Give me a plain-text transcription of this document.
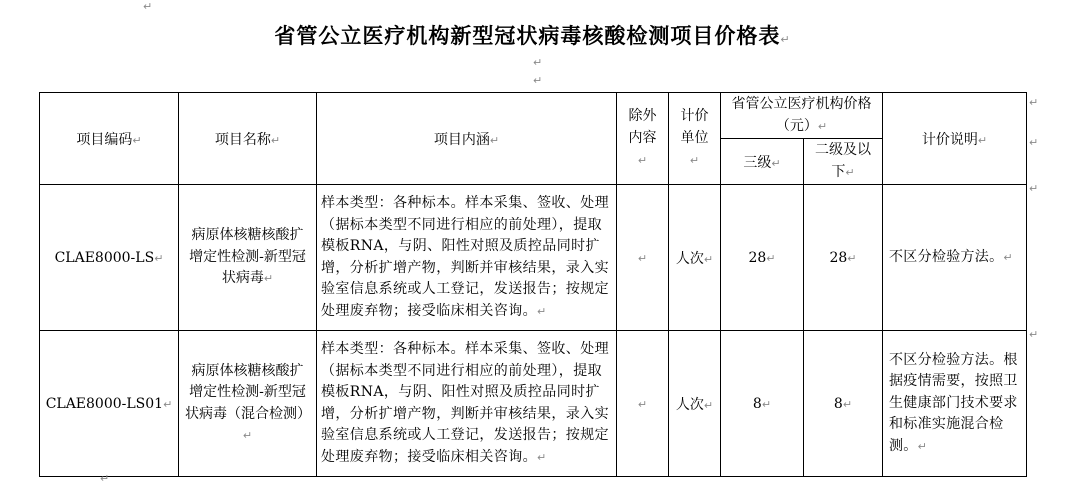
↵
省管公立医疗机构新型冠状病毒核酸检测项目价格表↵
↵
↵
项目编码↵	项目名称↵	项目内涵↵	除外内容↵	计价单位↵	省管公立医疗机构价格（元）↵		计价说明↵
					三级↵	二级及以下↵	
CLAE8000-LS↵	病原体核糖核酸扩增定性检测-新型冠状病毒↵	样本类型：各种标本。样本采集、签收、处理（据标本类型不同进行相应的前处理），提取模板RNA，与阴、阳性对照及质控品同时扩增，分析扩增产物，判断并审核结果，录入实验室信息系统或人工登记，发送报告；按规定处理废弃物；接受临床相关咨询。↵	↵	人次↵	28↵	28↵	不区分检验方法。↵
CLAE8000-LS01↵	病原体核糖核酸扩增定性检测-新型冠状病毒（混合检测）↵	样本类型：各种标本。样本采集、签收、处理（据标本类型不同进行相应的前处理），提取模板RNA，与阴、阳性对照及质控品同时扩增，分析扩增产物，判断并审核结果，录入实验室信息系统或人工登记，发送报告；按规定处理废弃物；接受临床相关咨询。↵	↵	人次↵	8↵	8↵	不区分检验方法。根据疫情需要，按照卫生健康部门技术要求和标准实施混合检测。↵
↵
↵
↵
↵
↵
